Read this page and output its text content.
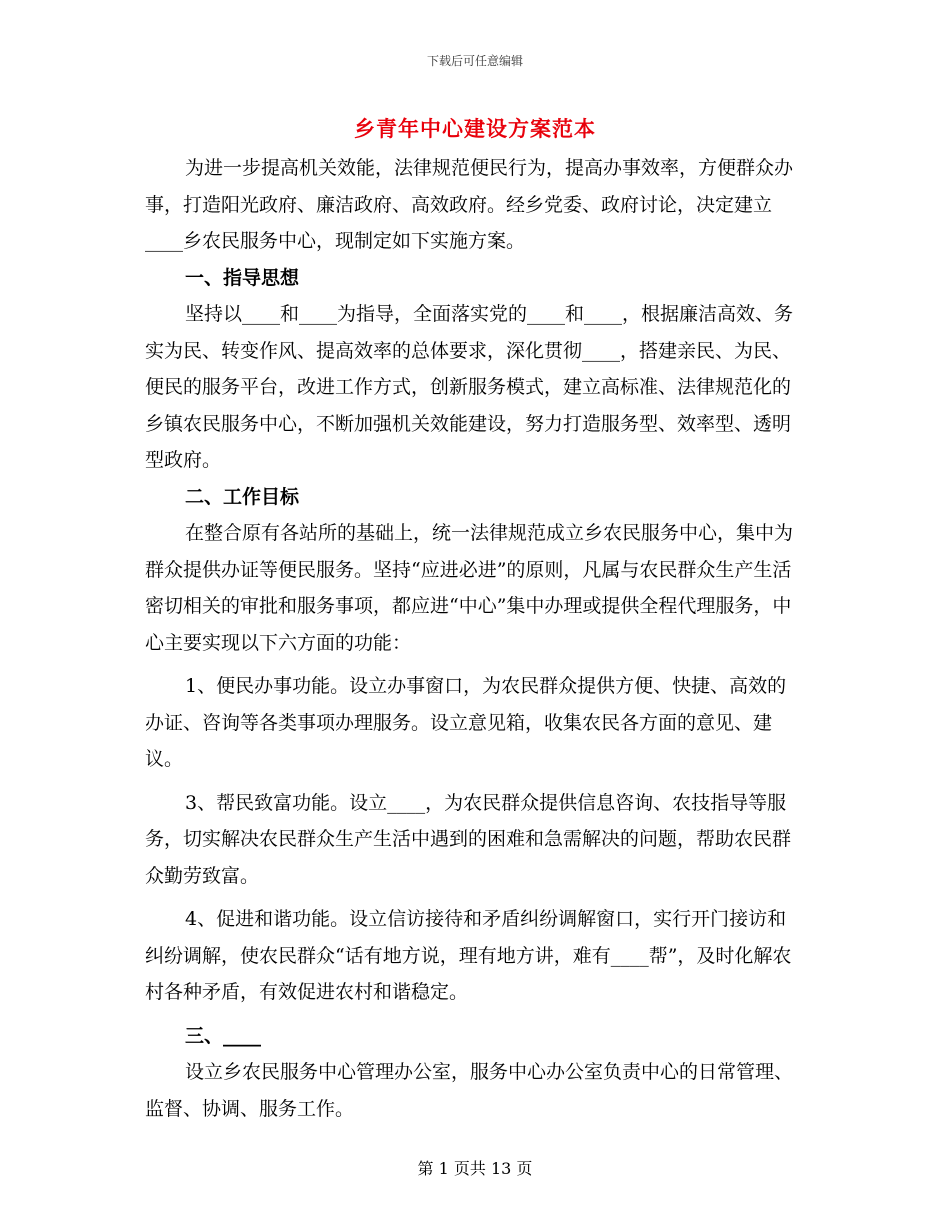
下载后可任意编辑
乡青年中心建设方案范本

为进一步提高机关效能，法律规范便民行为，提高办事效率，方便群众办事，打造阳光政府、廉洁政府、高效政府。经乡党委、政府讨论，决定建立____乡农民服务中心，现制定如下实施方案。

一、指导思想

坚持以____和____为指导，全面落实党的____和____，根据廉洁高效、务实为民、转变作风、提高效率的总体要求，深化贯彻____，搭建亲民、为民、便民的服务平台，改进工作方式，创新服务模式，建立高标准、法律规范化的乡镇农民服务中心，不断加强机关效能建设，努力打造服务型、效率型、透明型政府。

二、工作目标

在整合原有各站所的基础上，统一法律规范成立乡农民服务中心，集中为群众提供办证等便民服务。坚持“应进必进”的原则，凡属与农民群众生产生活密切相关的审批和服务事项，都应进“中心”集中办理或提供全程代理服务，中心主要实现以下六方面的功能：

1、便民办事功能。设立办事窗口，为农民群众提供方便、快捷、高效的办证、咨询等各类事项办理服务。设立意见箱，收集农民各方面的意见、建议。

3、帮民致富功能。设立____，为农民群众提供信息咨询、农技指导等服务，切实解决农民群众生产生活中遇到的困难和急需解决的问题，帮助农民群众勤劳致富。

4、促进和谐功能。设立信访接待和矛盾纠纷调解窗口，实行开门接访和纠纷调解，使农民群众“话有地方说，理有地方讲，难有____帮”，及时化解农村各种矛盾，有效促进农村和谐稳定。

三、____

设立乡农民服务中心管理办公室，服务中心办公室负责中心的日常管理、监督、协调、服务工作。

第 1 页共 13 页
